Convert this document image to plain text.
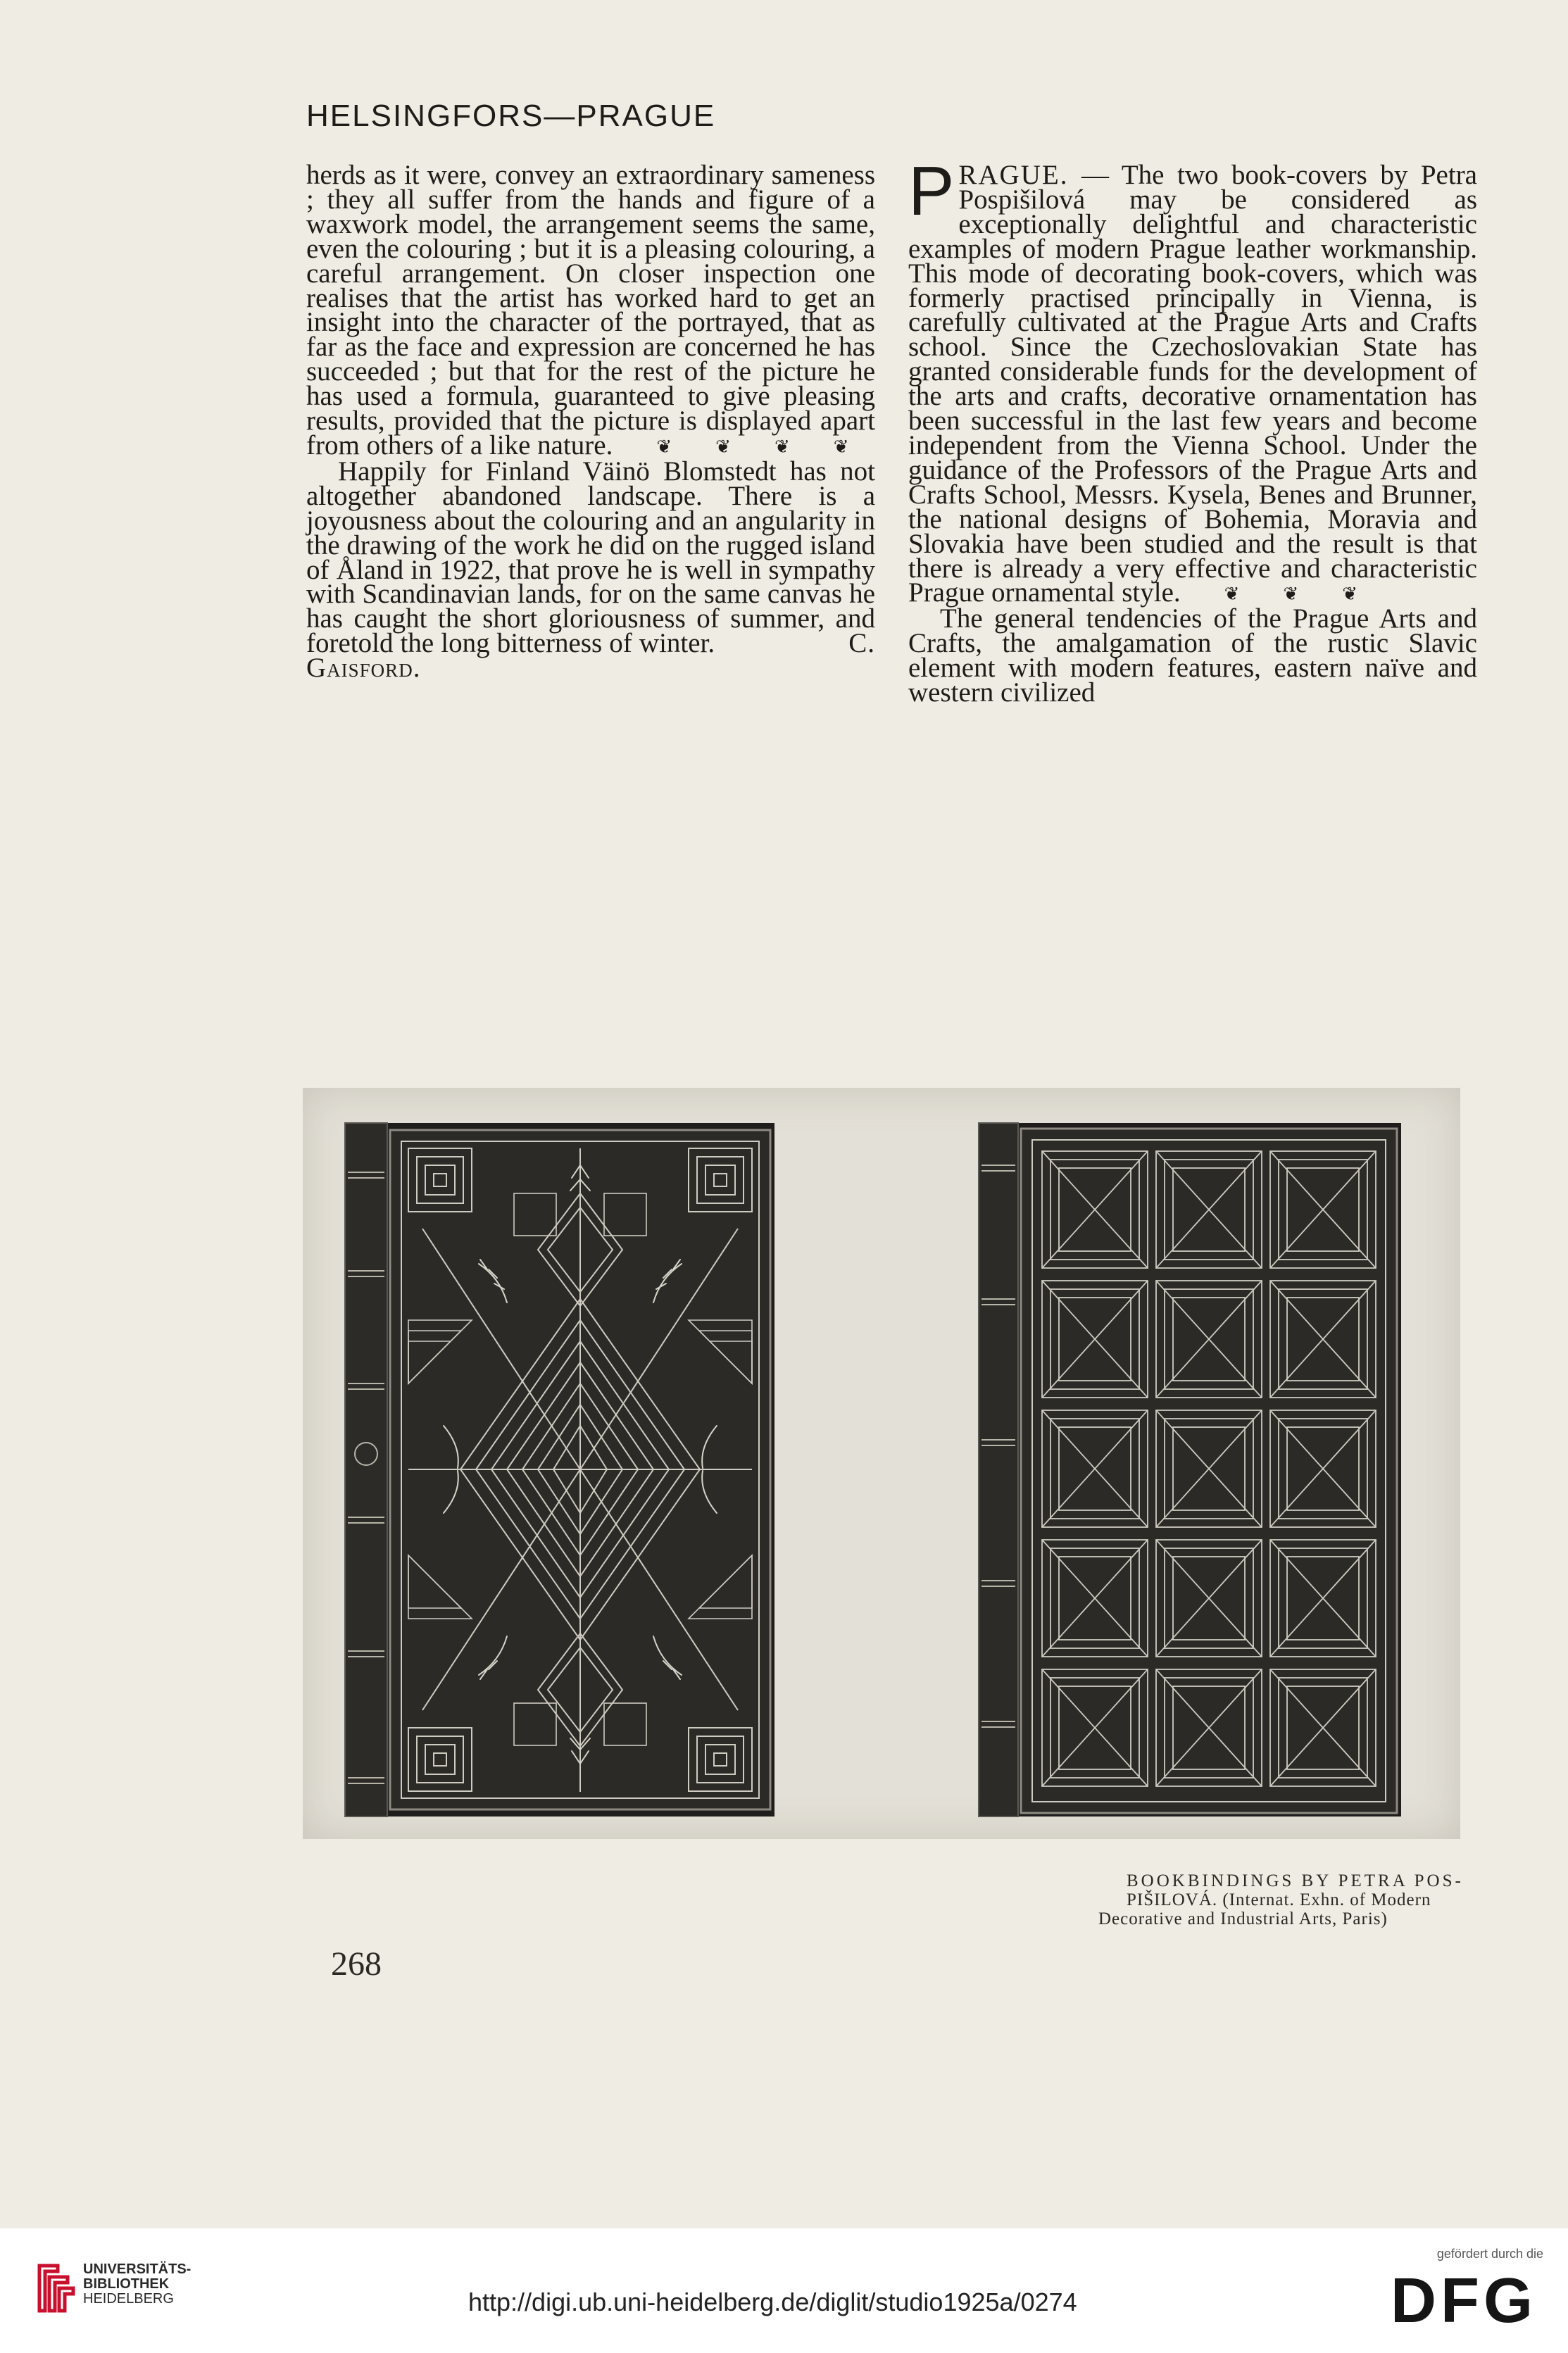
HELSINGFORS—PRAGUE

herds as it were, convey an extraordinary sameness ; they all suffer from the hands and figure of a waxwork model, the arrangement seems the same, even the colouring ; but it is a pleasing colouring, a careful arrangement. On closer inspection one realises that the artist has worked hard to get an insight into the character of the portrayed, that as far as the face and expression are concerned he has succeeded ; but that for the rest of the picture he has used a formula, guaranteed to give pleasing results, provided that the picture is displayed apart from others of a like nature. ❦ ❦ ❦ ❦

Happily for Finland Väinö Blomstedt has not altogether abandoned landscape. There is a joyousness about the colouring and an angularity in the drawing of the work he did on the rugged island of Åland in 1922, that prove he is well in sympathy with Scandinavian lands, for on the same canvas he has caught the short gloriousness of summer, and foretold the long bitterness of winter.	C. Gaisford.

PRAGUE. — The two book-covers by Petra Pospišilová may be considered as exceptionally delightful and characteristic examples of modern Prague leather workmanship. This mode of decorating book-covers, which was formerly practised principally in Vienna, is carefully cultivated at the Prague Arts and Crafts school. Since the Czechoslovakian State has granted considerable funds for the development of the arts and crafts, decorative ornamentation has been successful in the last few years and become independent from the Vienna School. Under the guidance of the Professors of the Prague Arts and Crafts School, Messrs. Kysela, Benes and Brunner, the national designs of Bohemia, Moravia and Slovakia have been studied and the result is that there is already a very effective and characteristic Prague ornamental style. ❦ ❦ ❦

The general tendencies of the Prague Arts and Crafts, the amalgamation of the rustic Slavic element with modern features, eastern naïve and western civilized

BOOKBINDINGS BY PETRA POS-
PIŠILOVÁ. (Internat. Exhn. of Modern
Decorative and Industrial Arts, Paris)
268
UNIVERSITÄTS-
BIBLIOTHEK
HEIDELBERG	http://digi.ub.uni-heidelberg.de/diglit/studio1925a/0274
gefördert durch die
DFG
